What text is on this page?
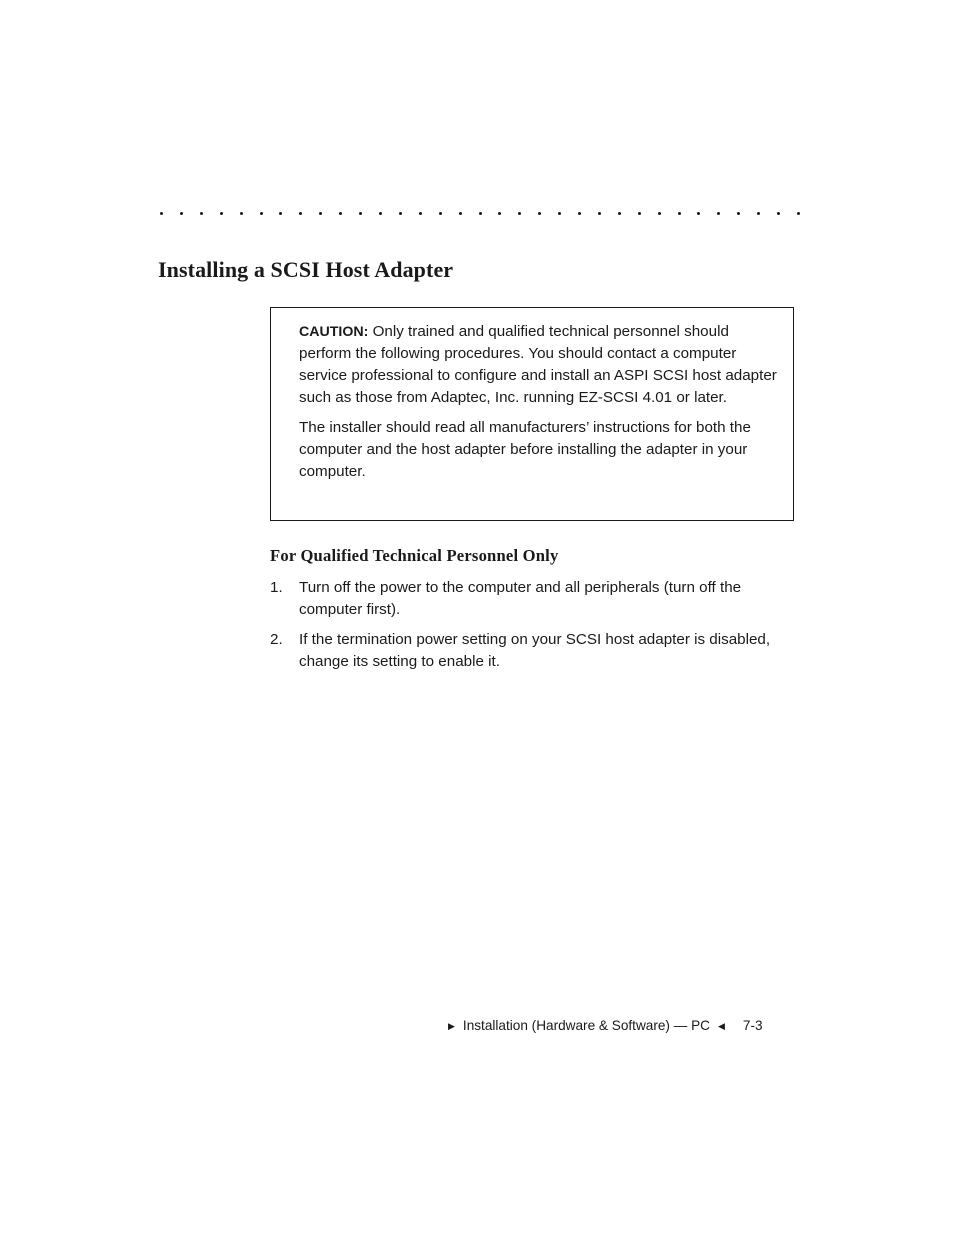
Installing a SCSI Host Adapter

CAUTION: Only trained and qualified technical personnel should perform the following procedures. You should contact a computer service professional to configure and install an ASPI SCSI host adapter such as those from Adaptec, Inc. running EZ-SCSI 4.01 or later.

The installer should read all manufacturers’ instructions for both the computer and the host adapter before installing the adapter in your computer.

For Qualified Technical Personnel Only
1. Turn off the power to the computer and all peripherals (turn off the computer first).
2. If the termination power setting on your SCSI host adapter is disabled, change its setting to enable it.
▶ Installation (Hardware & Software) — PC ◀ 7-3
